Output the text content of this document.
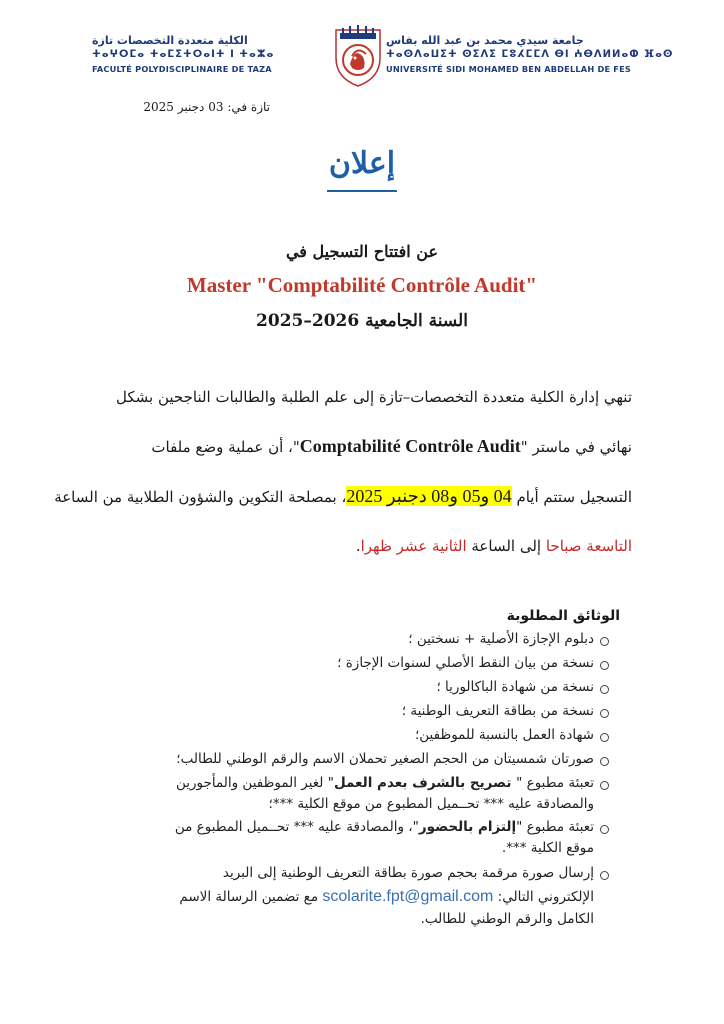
الكلية متعددة التخصصات تازة
ⵜⴰⵖⵔⵎⴰ ⵜⴰⵎⵉⵜⵔⴰⵏⵜ ⵏ ⵜⴰⵣⴰ
FACULTÉ POLYDISCIPLINAIRE DE TAZA
جامعة سيدي محمد بن عبد الله بفاس
ⵜⴰⵙⴷⴰⵡⵉⵜ ⵙⵉⴷⵉ ⵎⵓⵃⵎⵎⴷ ⴱⵏ ⵄⴱⴷⵍⵍⴰⵀ ⴼⴰⵙ
UNIVERSITÉ SIDI MOHAMED BEN ABDELLAH DE FES
تازة في: 03 دجنبر 2025
إعلان
عن افتتاح التسجيل في
Master "Comptabilité Contrôle Audit"
السنة الجامعية 2026–2025
تنهي إدارة الكلية متعددة التخصصات–تازة إلى علم الطلبة والطالبات الناجحين بشكل
نهائي في ماستر "Comptabilité Contrôle Audit"، أن عملية وضع ملفات
التسجيل ستتم أيام 04 و05 و08 دجنبر 2025، بمصلحة التكوين والشؤون الطلابية من الساعة
التاسعة صباحا إلى الساعة الثانية عشر ظهرا.
الوثائق المطلوبة
دبلوم الإجازة الأصلية + نسختين ؛
نسخة من بيان النقط الأصلي لسنوات الإجازة ؛
نسخة من شهادة الباكالوريا ؛
نسخة من بطاقة التعريف الوطنية ؛
شهادة العمل بالنسبة للموظفين؛
صورتان شمسيتان من الحجم الصغير تحملان الاسم والرقم الوطني للطالب؛
تعبئة مطبوع " تصريح بالشرف بعدم العمل" لغير الموظفين والمأجورين
والمصادقة عليه *** تحــميل المطبوع من موقع الكلية ***؛
تعبئة مطبوع "إلتزام بالحضور"، والمصادقة عليه *** تحــميل المطبوع من
موقع الكلية ***.
إرسال صورة مرقمة بحجم صورة بطاقة التعريف الوطنية إلى البريد
الإلكتروني التالي: scolarite.fpt@gmail.com مع تضمين الرسالة الاسم
الكامل والرقم الوطني للطالب.
